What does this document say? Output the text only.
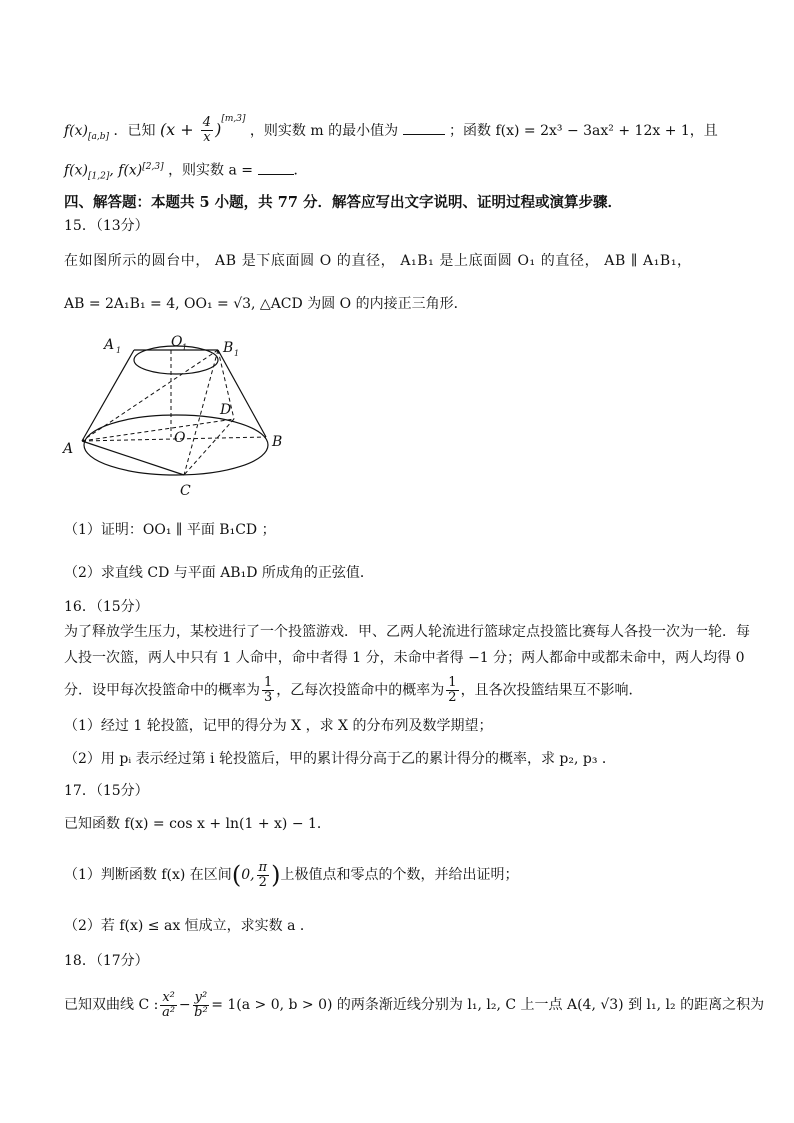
$f(x)_{[a,b]}$ ．已知 $(x + \frac{4}{x} )[m,3]$ ，则实数 m 的最小值为	；函数 f(x) = 2x³ − 3ax² + 12x + 1，且
$f(x)_{[1,2]}$, f(x)[2,3] ，则实数 a =	．
四、解答题：本题共 5 小题，共 77 分．解答应写出文字说明、证明过程或演算步骤．
15．（13分）
在如图所示的圆台中， AB 是下底面圆 O 的直径， A₁B₁ 是上底面圆 O₁ 的直径， AB ∥ A₁B₁，
AB = 2A₁B₁ = 4, OO₁ = √3, △ACD 为圆 O 的内接正三角形．
A 1
O 1	B 1
D
O
A	B
C
（1）证明：OO₁ ∥ 平面 B₁CD ；
（2）求直线 CD 与平面 AB₁D 所成角的正弦值．
16．（15分）
为了释放学生压力，某校进行了一个投篮游戏．甲、乙两人轮流进行篮球定点投篮比赛每人各投一次为一轮．每
人投一次篮，两人中只有 1 人命中，命中者得 1 分，未命中者得 −1 分；两人都命中或都未命中，两人均得 0
分．设甲每次投篮命中的概率为 $\frac{1}{3}$ ，乙每次投篮命中的概率为 $\frac{1}{2}$ ，且各次投篮结果互不影响．
（1）经过 1 轮投篮，记甲的得分为 X ，求 X 的分布列及数学期望；
（2）用 pᵢ 表示经过第 i 轮投篮后，甲的累计得分高于乙的累计得分的概率，求 p₂, p₃ ．
17．（15分）
已知函数 f(x) = cos x + ln(1 + x) − 1．
（1）判断函数 f(x) 在区间(0, $\frac{\pi}{2}$ )上极值点和零点的个数，并给出证明；
（2）若 f(x) ≤ ax 恒成立，求实数 a ．
18．（17分）
已知双曲线 C : $\frac{\text{x²}}{\text{a²}} - \frac{\text{y²}}{\text{b²}} = 1(a > 0$, b > 0) 的两条渐近线分别为 l₁, l₂, C 上一点 A(4, √3) 到 l₁, l₂ 的距离之积为
